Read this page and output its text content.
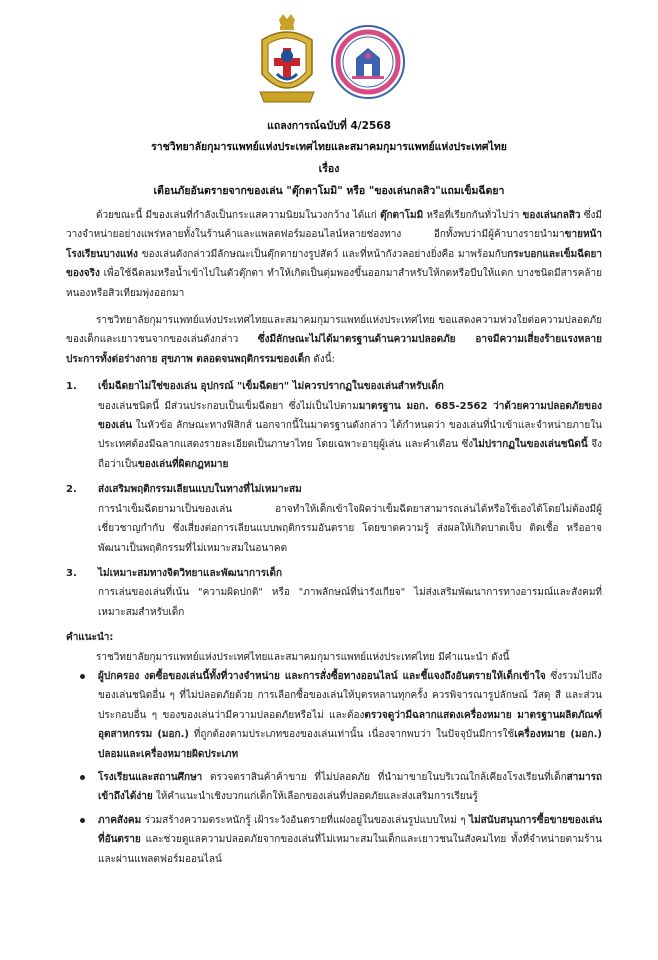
แถลงการณ์ฉบับที่ 4/2568
ราชวิทยาลัยกุมารแพทย์แห่งประเทศไทยและสมาคมกุมารแพทย์แห่งประเทศไทย
เรื่อง
เตือนภัยอันตรายจากของเล่น "ตุ๊กตาโมมิ" หรือ "ของเล่นกลสิว"แถมเข็มฉีดยา

ด้วยขณะนี้ มีของเล่นที่กำลังเป็นกระแสความนิยมในวงกว้าง ได้แก่ ตุ๊กตาโมมิ หรือที่เรียกกันทั่วไปว่า ของเล่นกลสิว ซึ่งมีวางจำหน่ายอย่างแพร่หลายทั้งในร้านค้าและแพลตฟอร์มออนไลน์หลายช่องทาง อีกทั้งพบว่ามีผู้ค้าบางรายนำมาขายหน้าโรงเรียนบางแห่ง ของเล่นดังกล่าวมีลักษณะเป็นตุ๊กตายางรูปสัตว์ และที่หน้ากังวลอย่างยิ่งคือ มาพร้อมกับกระบอกและเข็มฉีดยาของจริง เพื่อใช้ฉีดลมหรือน้ำเข้าไปในตัวตุ๊กตา ทำให้เกิดเป็นตุ่มพองขึ้นออกมาสำหรับให้กดหรือบีบให้แตก บางชนิดมีสารคล้ายหนองหรือสิวเทียมพุ่งออกมา

ราชวิทยาลัยกุมารแพทย์แห่งประเทศไทยและสมาคมกุมารแพทย์แห่งประเทศไทย ขอแสดงความห่วงใยต่อความปลอดภัยของเด็กและเยาวชนจากของเล่นดังกล่าว ซึ่งมีลักษณะไม่ได้มาตรฐานด้านความปลอดภัย อาจมีความเสี่ยงร้ายแรงหลายประการทั้งต่อร่างกาย สุขภาพ ตลอดจนพฤติกรรมของเด็ก ดังนี้:

1. เข็มฉีดยาไม่ใช่ของเล่น อุปกรณ์ "เข็มฉีดยา" ไม่ควรปรากฏในของเล่นสำหรับเด็ก

ของเล่นชนิดนี้ มีส่วนประกอบเป็นเข็มฉีดยา ซึ่งไม่เป็นไปตามมาตรฐาน มอก. 685-2562 ว่าด้วยความปลอดภัยของของเล่น ในหัวข้อ ลักษณะทางฟิสิกส์ นอกจากนี้ในมาตรฐานดังกล่าว ได้กำหนดว่า ของเล่นที่นำเข้าและจำหน่ายภายในประเทศต้องมีฉลากแสดงรายละเอียดเป็นภาษาไทย โดยเฉพาะอายุผู้เล่น และคำเตือน ซึ่งไม่ปรากฏในของเล่นชนิดนี้ จึงถือว่าเป็นของเล่นที่ผิดกฎหมาย

2. ส่งเสริมพฤติกรรมเลียนแบบในทางที่ไม่เหมาะสม

การนำเข็มฉีดยามาเป็นของเล่น อาจทำให้เด็กเข้าใจผิดว่าเข็มฉีดยาสามารถเล่นได้หรือใช้เองได้โดยไม่ต้องมีผู้เชี่ยวชาญกำกับ ซึ่งเสี่ยงต่อการเลียนแบบพฤติกรรมอันตราย โดยขาดความรู้ ส่งผลให้เกิดบาดเจ็บ ติดเชื้อ หรืออาจพัฒนาเป็นพฤติกรรมที่ไม่เหมาะสมในอนาคต

3. ไม่เหมาะสมทางจิตวิทยาและพัฒนาการเด็ก

การเล่นของเล่นที่เน้น "ความผิดปกติ" หรือ "ภาพลักษณ์ที่น่ารังเกียจ" ไม่ส่งเสริมพัฒนาการทางอารมณ์และสังคมที่เหมาะสมสำหรับเด็ก

คำแนะนำ:

ราชวิทยาลัยกุมารแพทย์แห่งประเทศไทยและสมาคมกุมารแพทย์แห่งประเทศไทย มีคำแนะนำ ดังนี้

ผู้ปกครอง งดซื้อของเล่นนี้ทั้งที่วางจำหน่าย และการสั่งซื้อทางออนไลน์ และชี้แจงถึงอันตรายให้เด็กเข้าใจ ซึ่งรวมไปถึงของเล่นชนิดอื่น ๆ ที่ไม่ปลอดภัยด้วย การเลือกซื้อของเล่นให้บุตรหลานทุกครั้ง ควรพิจารณารูปลักษณ์ วัสดุ สี และส่วนประกอบอื่น ๆ ของของเล่นว่ามีความปลอดภัยหรือไม่ และต้องตรวจดูว่ามีฉลากแสดงเครื่องหมาย มาตรฐานผลิตภัณฑ์อุตสาหกรรม (มอก.) ที่ถูกต้องตามประเภทของของเล่นเท่านั้น เนื่องจากพบว่า ในปัจจุบันมีการใช้เครื่องหมาย (มอก.) ปลอมและเครื่องหมายผิดประเภท

โรงเรียนและสถานศึกษา ตรวจตราสินค้าค้าขาย ที่ไม่ปลอดภัย ที่นำมาขายในบริเวณใกล้เคียงโรงเรียนที่เด็กสามารถเข้าถึงได้ง่าย ให้คำแนะนำเชิงบวกแก่เด็กให้เลือกของเล่นที่ปลอดภัยและส่งเสริมการเรียนรู้

ภาคสังคม ร่วมสร้างความตระหนักรู้ เฝ้าระวังอันตรายที่แฝงอยู่ในของเล่นรูปแบบใหม่ ๆ ไม่สนับสนุนการซื้อขายของเล่นที่อันตราย และช่วยดูแลความปลอดภัยจากของเล่นที่ไม่เหมาะสมในเด็กและเยาวชนในสังคมไทย ทั้งที่จำหน่ายตามร้าน และผ่านแพลตฟอร์มออนไลน์
